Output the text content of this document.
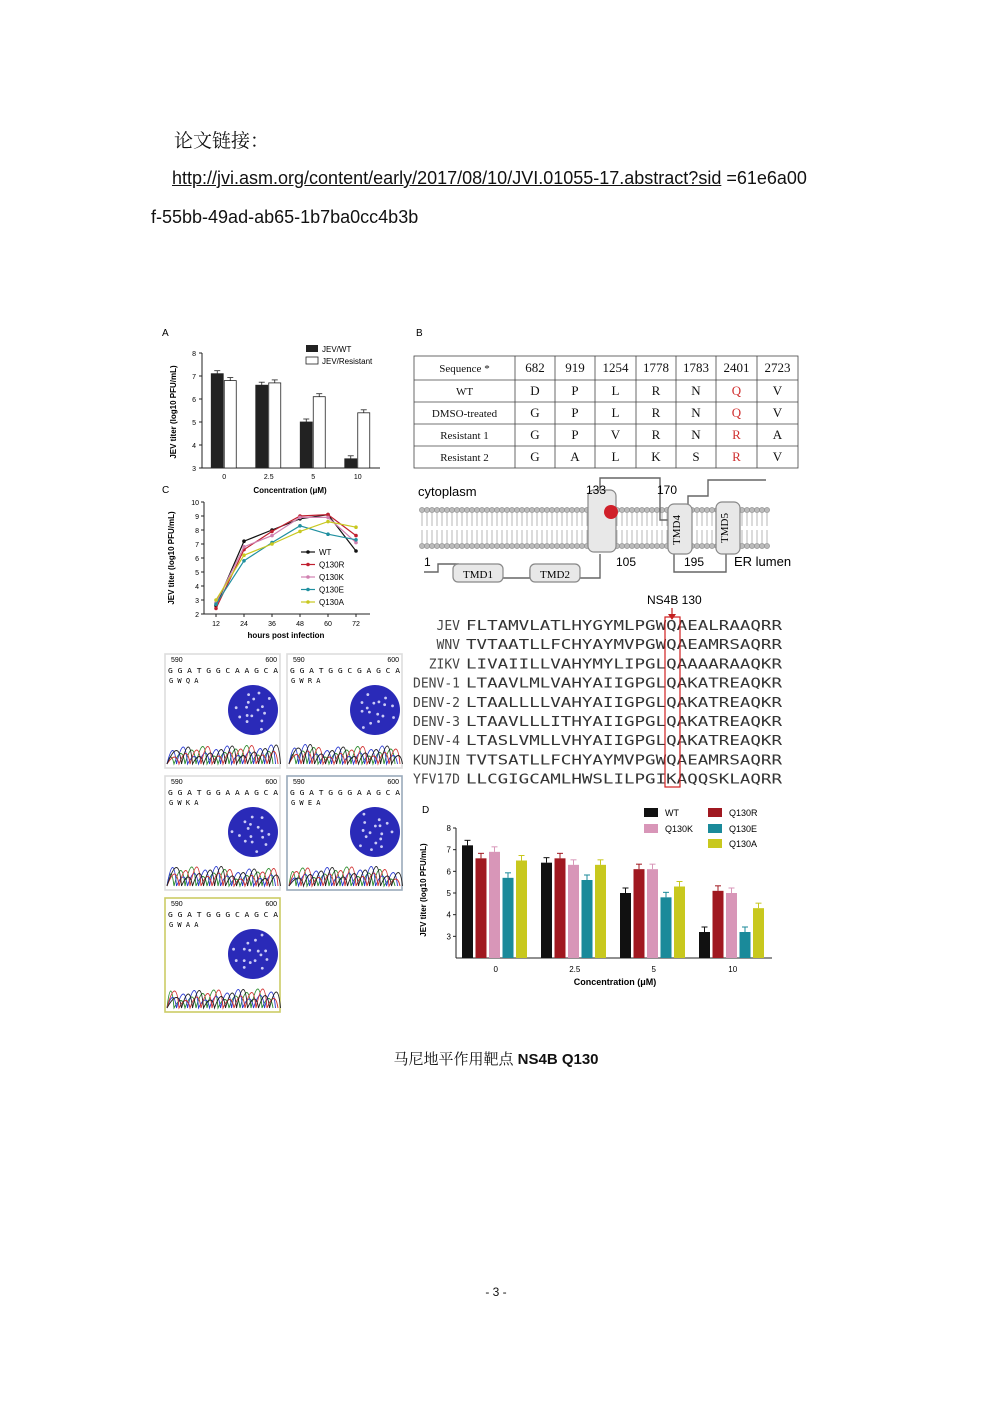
论文链接：
http://jvi.asm.org/content/early/2017/08/10/JVI.01055-17.abstract?sid =61e6a00
f-55bb-49ad-ab65-1b7ba0cc4b3b
A	B
C
D
3
4
5
6
7
8
0	2.5	5	10
JEV titer (log10 PFU/mL)
Concentration (μM)
JEV/WT
JEV/Resistant
Sequence *	682 919 1254 1778 1783 2401 2723
WT	D P	L R N Q V
DMSO-treated	G P	L R N Q V
Resistant 1	G P V R N R A
Resistant 2	G A L K S	R V
cytoplasm
ER lumen
TMD4	TMD5
TMD1	TMD2
133	170
105	195
1
NS4B 130
JEV FLTAMVLATLHYGYMLPGWQAEALRAAQRR
WNV TVTAATLLFCHYAYMVPGWQAEAMRSAQRR
ZIKV LIVAIILLVAHYMYLIPGLQAAAARAAQKR
DENV-1 LTAAVLMLVAHYAIIGPGLQAKATREAQKR
DENV-2 LTAALLLLVAHYAIIGPGLQAKATREAQKR
DENV-3 LTAAVLLLITHYAIIGPGLQAKATREAQKR
DENV-4 LTASLVMLLVHYAIIGPGLQAKATREAQKR
KUNJIN TVTSATLLFCHYAYMVPGWQAEAMRSAQRR
YFV17D LLCGIGCAMLHWSLILPGIKAQQSKLAQRR
2
3
4
5
6
7
8
9
10
12	24	36	48	60	72
JEV titer (log10 PFU/mL)
hours post infection
WT
Q130R
Q130K
Q130E
Q130A
590	600
G G A T G G C A A G C A
G W Q A
590	600
G G A T G G C G A G C A
G W R A
590	600
G G A T G G A A A G C A
G W K A
590	600
G G A T G G G A A G C A
G W E A
590	600
G G A T G G G C A G C A
G W A A
3
4
5
6
7
8
0	2.5	5	10
JEV titer (log10 PFU/mL)
Concentration (μM)
WT	Q130R
Q130K	Q130E
Q130A
马尼地平作用靶点 NS4B Q130
- 3 -
